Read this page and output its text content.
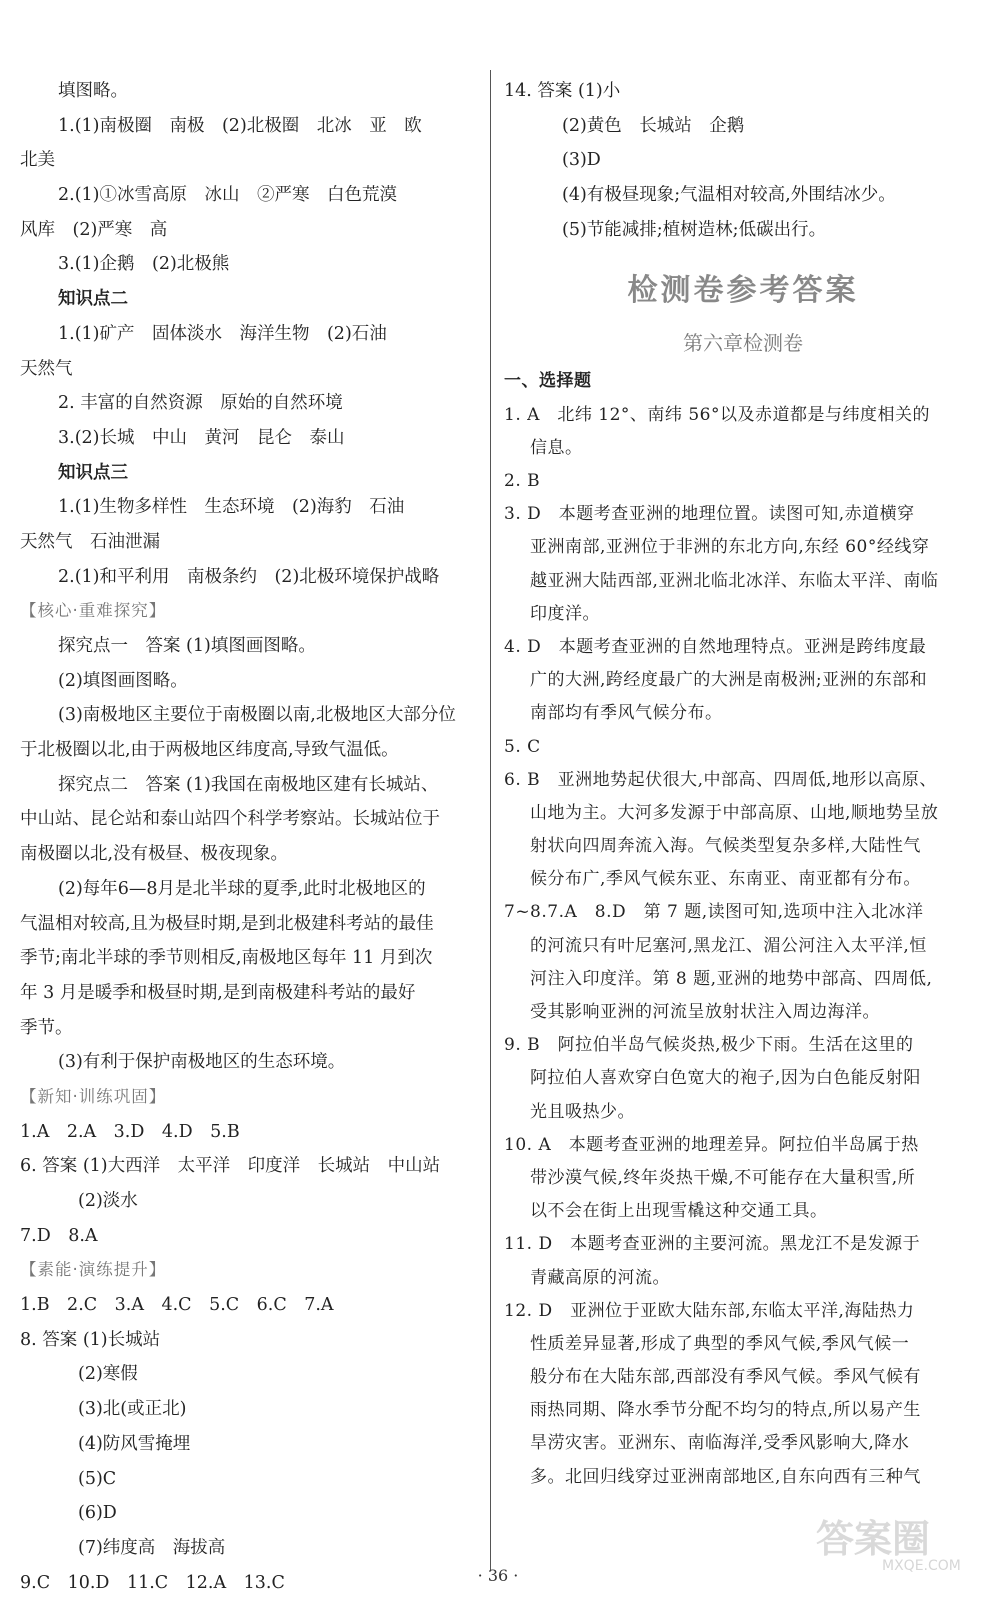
填图略。
1.(1)南极圈　南极　(2)北极圈　北冰　亚　欧
北美
2.(1)①冰雪高原　冰山　②严寒　白色荒漠
风库　(2)严寒　高
3.(1)企鹅　(2)北极熊
知识点二
1.(1)矿产　固体淡水　海洋生物　(2)石油
天然气
2. 丰富的自然资源　原始的自然环境
3.(2)长城　中山　黄河　昆仑　泰山
知识点三
1.(1)生物多样性　生态环境　(2)海豹　石油
天然气　石油泄漏
2.(1)和平利用　南极条约　(2)北极环境保护战略
【核心·重难探究】
探究点一　答案 (1)填图画图略。
(2)填图画图略。
(3)南极地区主要位于南极圈以南,北极地区大部分位
于北极圈以北,由于两极地区纬度高,导致气温低。
探究点二　答案 (1)我国在南极地区建有长城站、
中山站、昆仑站和泰山站四个科学考察站。长城站位于
南极圈以北,没有极昼、极夜现象。
(2)每年6—8月是北半球的夏季,此时北极地区的
气温相对较高,且为极昼时期,是到北极建科考站的最佳
季节;南北半球的季节则相反,南极地区每年 11 月到次
年 3 月是暖季和极昼时期,是到南极建科考站的最好
季节。
(3)有利于保护南极地区的生态环境。
【新知·训练巩固】
1.A　2.A　3.D　4.D　5.B
6. 答案 (1)大西洋　太平洋　印度洋　长城站　中山站
(2)淡水
7.D　8.A
【素能·演练提升】
1.B　2.C　3.A　4.C　5.C　6.C　7.A
8. 答案 (1)长城站
(2)寒假
(3)北(或正北)
(4)防风雪掩埋
(5)C
(6)D
(7)纬度高　海拔高
9.C　10.D　11.C　12.A　13.C
14. 答案 (1)小
(2)黄色　长城站　企鹅
(3)D
(4)有极昼现象;气温相对较高,外围结冰少。
(5)节能减排;植树造林;低碳出行。
检测卷参考答案
第六章检测卷
一、选择题
1. A　北纬 12°、南纬 56°以及赤道都是与纬度相关的
信息。
2. B
3. D　本题考查亚洲的地理位置。读图可知,赤道横穿
亚洲南部,亚洲位于非洲的东北方向,东经 60°经线穿
越亚洲大陆西部,亚洲北临北冰洋、东临太平洋、南临
印度洋。
4. D　本题考查亚洲的自然地理特点。亚洲是跨纬度最
广的大洲,跨经度最广的大洲是南极洲;亚洲的东部和
南部均有季风气候分布。
5. C
6. B　亚洲地势起伏很大,中部高、四周低,地形以高原、
山地为主。大河多发源于中部高原、山地,顺地势呈放
射状向四周奔流入海。气候类型复杂多样,大陆性气
候分布广,季风气候东亚、东南亚、南亚都有分布。
7~8.7.A　8.D　第 7 题,读图可知,选项中注入北冰洋
的河流只有叶尼塞河,黑龙江、湄公河注入太平洋,恒
河注入印度洋。第 8 题,亚洲的地势中部高、四周低,
受其影响亚洲的河流呈放射状注入周边海洋。
9. B　阿拉伯半岛气候炎热,极少下雨。生活在这里的
阿拉伯人喜欢穿白色宽大的袍子,因为白色能反射阳
光且吸热少。
10. A　本题考查亚洲的地理差异。阿拉伯半岛属于热
带沙漠气候,终年炎热干燥,不可能存在大量积雪,所
以不会在街上出现雪橇这种交通工具。
11. D　本题考查亚洲的主要河流。黑龙江不是发源于
青藏高原的河流。
12. D　亚洲位于亚欧大陆东部,东临太平洋,海陆热力
性质差异显著,形成了典型的季风气候,季风气候一
般分布在大陆东部,西部没有季风气候。季风气候有
雨热同期、降水季节分配不均匀的特点,所以易产生
旱涝灾害。亚洲东、南临海洋,受季风影响大,降水
多。北回归线穿过亚洲南部地区,自东向西有三种气
答案圈
MXQE.COM
· 36 ·
